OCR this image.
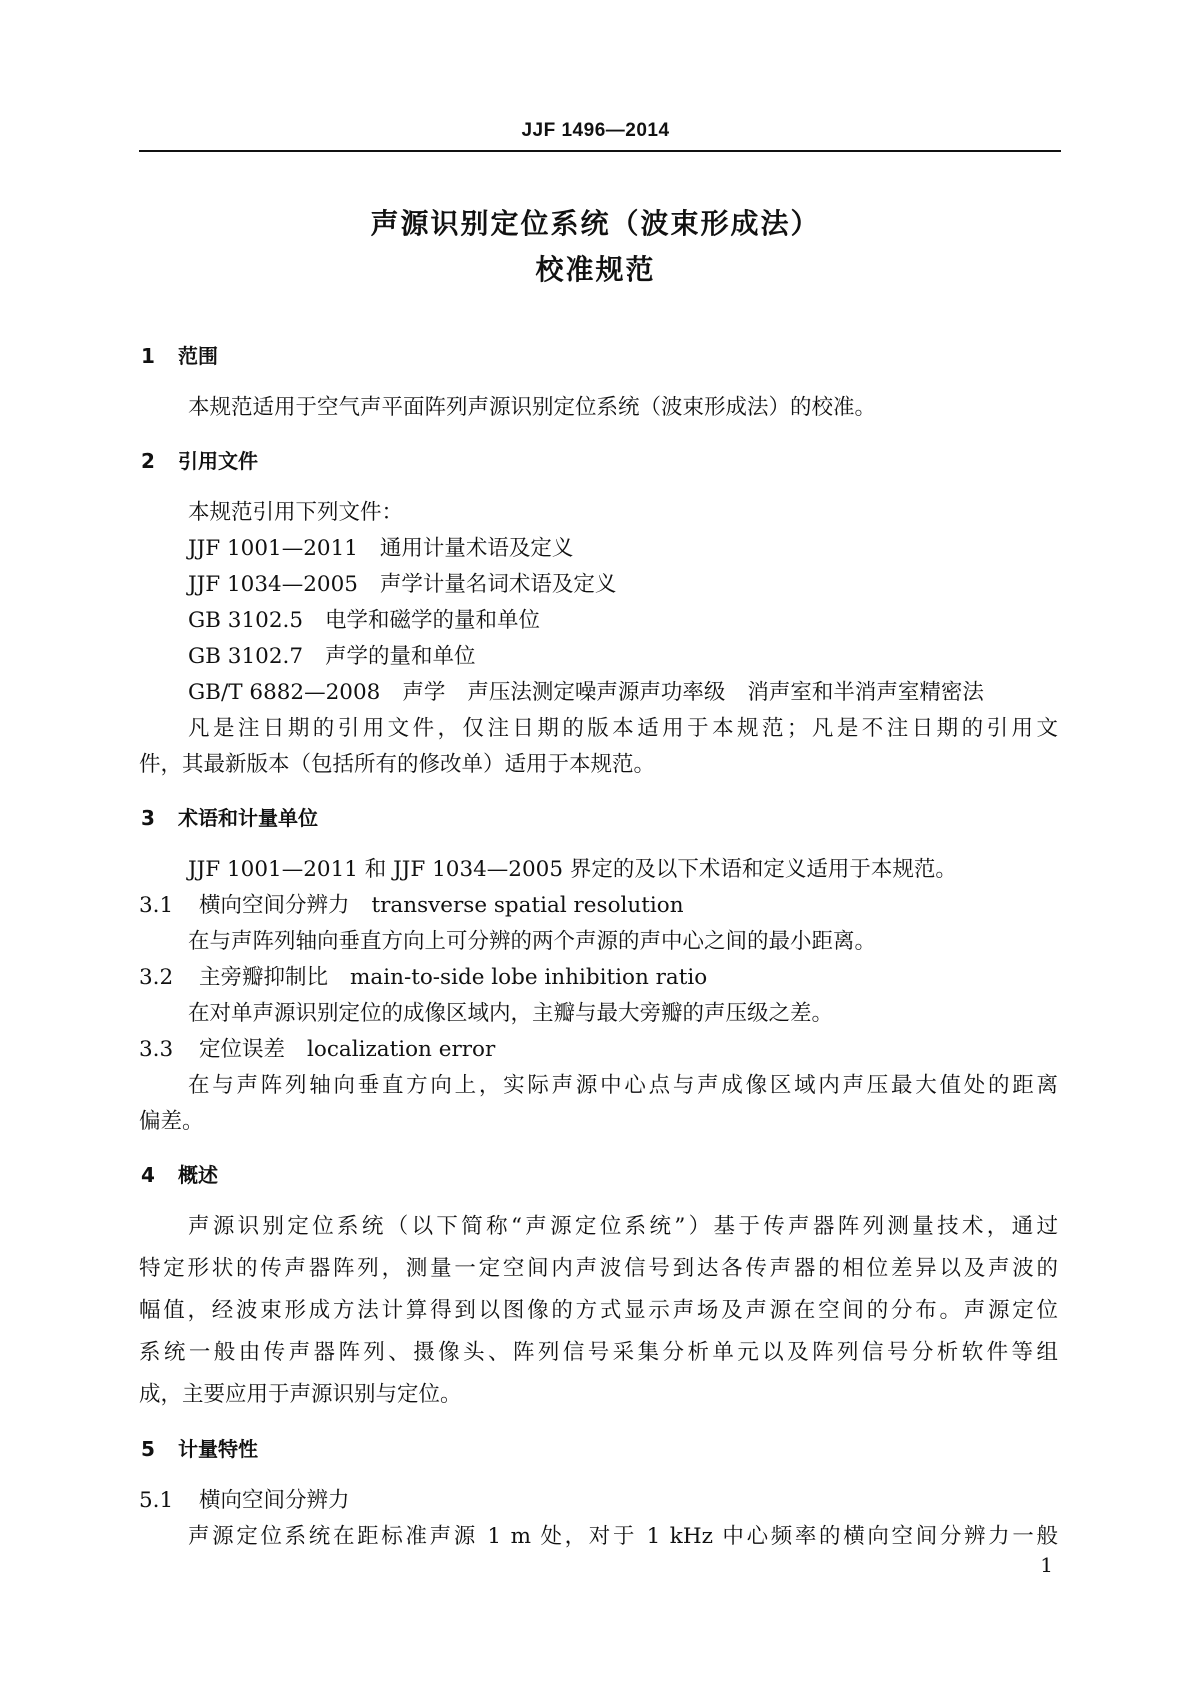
JJF 1496—2014
声源识别定位系统（波束形成法）
校准规范
1 范围
本规范适用于空气声平面阵列声源识别定位系统（波束形成法）的校准。
2 引用文件
本规范引用下列文件：
JJF 1001—2011 通用计量术语及定义
JJF 1034—2005 声学计量名词术语及定义
GB 3102.5 电学和磁学的量和单位
GB 3102.7 声学的量和单位
GB/T 6882—2008 声学 声压法测定噪声源声功率级 消声室和半消声室精密法
凡是注日期的引用文件，仅注日期的版本适用于本规范；凡是不注日期的引用文
件，其最新版本（包括所有的修改单）适用于本规范。
3 术语和计量单位
JJF 1001—2011 和 JJF 1034—2005 界定的及以下术语和定义适用于本规范。
3.1 横向空间分辨力 transverse spatial resolution
在与声阵列轴向垂直方向上可分辨的两个声源的声中心之间的最小距离。
3.2 主旁瓣抑制比 main-to-side lobe inhibition ratio
在对单声源识别定位的成像区域内，主瓣与最大旁瓣的声压级之差。
3.3 定位误差 localization error
在与声阵列轴向垂直方向上，实际声源中心点与声成像区域内声压最大值处的距离
偏差。
4 概述
声源识别定位系统（以下简称“声源定位系统”）基于传声器阵列测量技术，通过
特定形状的传声器阵列，测量一定空间内声波信号到达各传声器的相位差异以及声波的
幅值，经波束形成方法计算得到以图像的方式显示声场及声源在空间的分布。声源定位
系统一般由传声器阵列、摄像头、阵列信号采集分析单元以及阵列信号分析软件等组
成，主要应用于声源识别与定位。
5 计量特性
5.1 横向空间分辨力
声源定位系统在距标准声源 1 m 处，对于 1 kHz 中心频率的横向空间分辨力一般
1
